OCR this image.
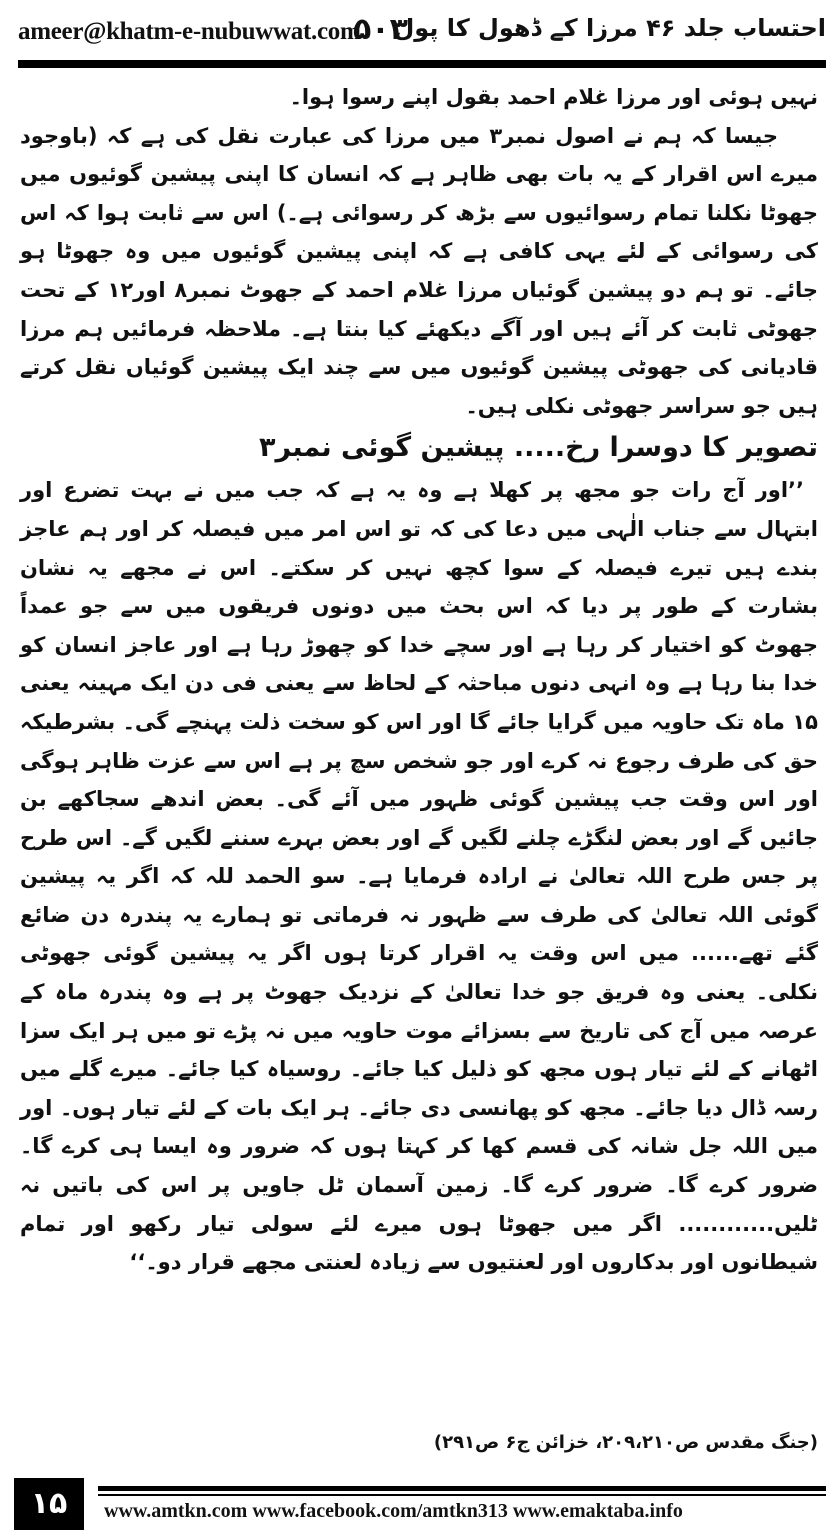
ameer@khatm-e-nubuwwat.com
۵۰۳
احتساب جلد ۴۶ مرزا کے ڈھول کا پول

نہیں ہوئی اور مرزا غلام احمد بقول اپنے رسوا ہوا۔

جیسا کہ ہم نے اصول نمبر۳ میں مرزا کی عبارت نقل کی ہے کہ (باوجود میرے اس اقرار کے یہ بات بھی ظاہر ہے کہ انسان کا اپنی پیشین گوئیوں میں جھوٹا نکلنا تمام رسوائیوں سے بڑھ کر رسوائی ہے۔) اس سے ثابت ہوا کہ اس کی رسوائی کے لئے یہی کافی ہے کہ اپنی پیشین گوئیوں میں وہ جھوٹا ہو جائے۔ تو ہم دو پیشین گوئیاں مرزا غلام احمد کے جھوٹ نمبر۸ اور۱۲ کے تحت جھوٹی ثابت کر آئے ہیں اور آگے دیکھئے کیا بنتا ہے۔ ملاحظہ فرمائیں ہم مرزا قادیانی کی جھوٹی پیشین گوئیوں میں سے چند ایک پیشین گوئیاں نقل کرتے ہیں جو سراسر جھوٹی نکلی ہیں۔

تصویر کا دوسرا رخ..... پیشین گوئی نمبر۳

’’اور آج رات جو مجھ پر کھلا ہے وہ یہ ہے کہ جب میں نے بہت تضرع اور ابتہال سے جناب الٰہی میں دعا کی کہ تو اس امر میں فیصلہ کر اور ہم عاجز بندے ہیں تیرے فیصلہ کے سوا کچھ نہیں کر سکتے۔ اس نے مجھے یہ نشان بشارت کے طور پر دیا کہ اس بحث میں دونوں فریقوں میں سے جو عمداً جھوٹ کو اختیار کر رہا ہے اور سچے خدا کو چھوڑ رہا ہے اور عاجز انسان کو خدا بنا رہا ہے وہ انہی دنوں مباحثہ کے لحاظ سے یعنی فی دن ایک مہینہ یعنی ۱۵ ماہ تک حاویہ میں گرایا جائے گا اور اس کو سخت ذلت پہنچے گی۔ بشرطیکہ حق کی طرف رجوع نہ کرے اور جو شخص سچ پر ہے اس سے عزت ظاہر ہوگی اور اس وقت جب پیشین گوئی ظہور میں آئے گی۔ بعض اندھے سجاکھے بن جائیں گے اور بعض لنگڑے چلنے لگیں گے اور بعض بہرے سننے لگیں گے۔ اس طرح پر جس طرح اللہ تعالیٰ نے ارادہ فرمایا ہے۔ سو الحمد للہ کہ اگر یہ پیشین گوئی اللہ تعالیٰ کی طرف سے ظہور نہ فرماتی تو ہمارے یہ پندرہ دن ضائع گئے تھے...... میں اس وقت یہ اقرار کرتا ہوں اگر یہ پیشین گوئی جھوٹی نکلی۔ یعنی وہ فریق جو خدا تعالیٰ کے نزدیک جھوٹ پر ہے وہ پندرہ ماہ کے عرصہ میں آج کی تاریخ سے بسزائے موت حاویہ میں نہ پڑے تو میں ہر ایک سزا اٹھانے کے لئے تیار ہوں مجھ کو ذلیل کیا جائے۔ روسیاہ کیا جائے۔ میرے گلے میں رسہ ڈال دیا جائے۔ مجھ کو پھانسی دی جائے۔ ہر ایک بات کے لئے تیار ہوں۔ اور میں اللہ جل شانہ کی قسم کھا کر کہتا ہوں کہ ضرور وہ ایسا ہی کرے گا۔ ضرور کرے گا۔ ضرور کرے گا۔ زمین آسمان ٹل جاویں پر اس کی باتیں نہ ٹلیں............ اگر میں جھوٹا ہوں میرے لئے سولی تیار رکھو اور تمام شیطانوں اور بدکاروں اور لعنتیوں سے زیادہ لعنتی مجھے قرار دو۔‘‘

(جنگ مقدس ص۲۰۹،۲۱۰، خزائن ج۶ ص۲۹۱)
۱۵	www.amtkn.com www.facebook.com/amtkn313 www.emaktaba.info
